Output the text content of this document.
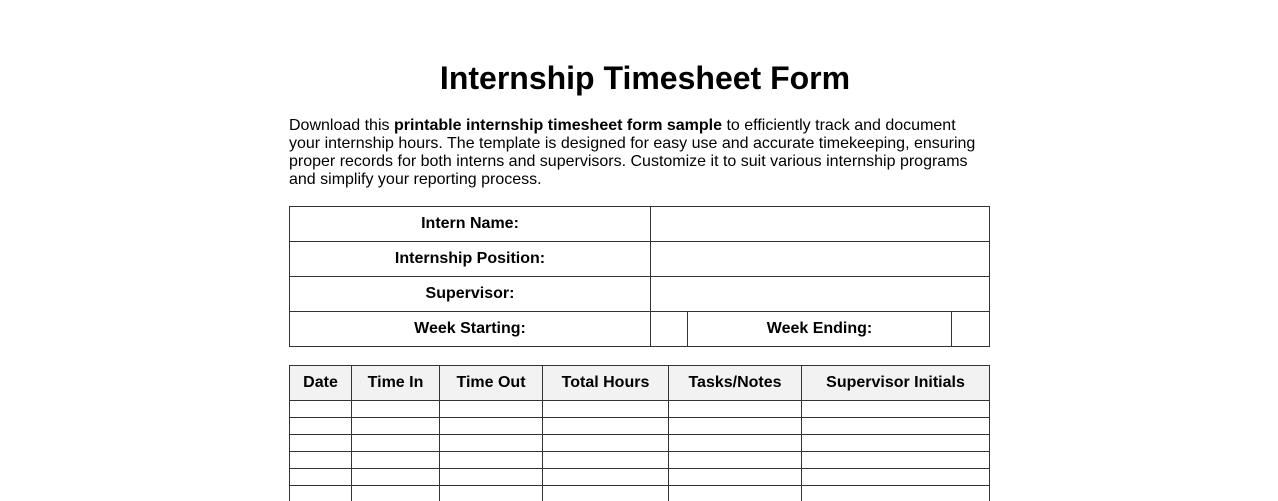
Internship Timesheet Form

Download this printable internship timesheet form sample to efficiently track and document your internship hours. The template is designed for easy use and accurate timekeeping, ensuring proper records for both interns and supervisors. Customize it to suit various internship programs and simplify your reporting process.

Intern Name:			
Internship Position:			
Supervisor:			
Week Starting:		Week Ending:	
Date	Time In	Time Out	Total Hours	Tasks/Notes	Supervisor Initials
